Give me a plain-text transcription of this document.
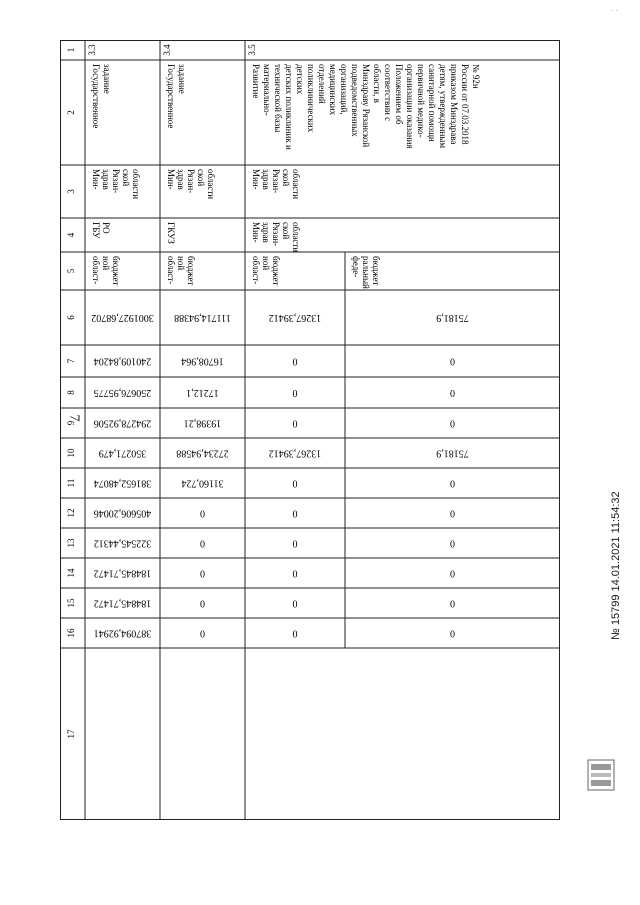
7
1
2
3
4
5
6
7
8
9
10
11
12
13
14
15
16
17
3.3
Государственное задание
Мин- здрав Рязан- ской области
ГБУ РО
област- ной бюджет
3001927,68702
240109,84204
250676,95775
294278,92506
350271,479
381652,48074
405606,20046
322545,44312
184845,71472
184845,71472
387094,92941
3.4
Государственное задание
Мин- здрав Рязан- ской области
ГКУЗ
област- ной бюджет
111714,94388
16708,964
17212,1
19398,21
27234,94588
31160,724
0
0
0
0
0
3.5
Развитие материально- технической базы детских поликлиник и детских поликлинических отделений медицинских организаций, подведомственных Минздраву Рязанской области, в соответствии с Положением об организации оказания первичной медико- санитарной помощи детям, утвержденным приказом Минздрава России от 07.03.2018 № 92н
Мин- здрав Рязан- ской области
Мин- здрав Рязан- ской области
област- ной бюджет
13267,39412
0
0
0
13267,39412
0
0
0
0
0
0
феде- ральный бюджет
75181,9
0
0
0
75181,9
0
0
0
0
0
0	№ 15799 14.01.2021 11:54:32
· ·
